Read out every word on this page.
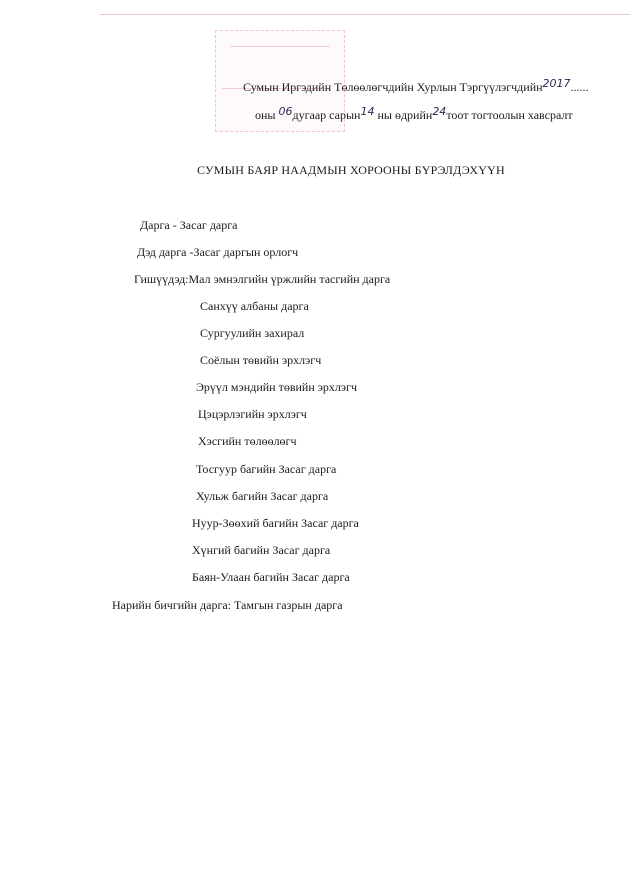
Сумын Иргэдийн Төлөөлөгчдийн Хурлын Тэргүүлэгчдийн2017......
оны 06дугаар сарын14 ны өдрийн24тоот тогтоолын хавсралт
СУМЫН БАЯР НААДМЫН ХОРООНЫ БҮРЭЛДЭХҮҮН
Дарга - Засаг дарга
Дэд дарга -Засаг даргын орлогч
Гишүүдэд:Мал эмнэлгийн үржлийн тасгийн дарга
Санхүү албаны дарга
Сургуулийн захирал
Соёлын төвийн эрхлэгч
Эрүүл мэндийн төвийн эрхлэгч
Цэцэрлэгийн эрхлэгч
Хэсгийн төлөөлөгч
Тосгуур багийн Засаг дарга
Хульж багийн Засаг дарга
Нуур-Зөөхий багийн Засаг дарга
Хүнгий багийн Засаг дарга
Баян-Улаан багийн Засаг дарга
Нарийн бичгийн дарга: Тамгын газрын дарга
